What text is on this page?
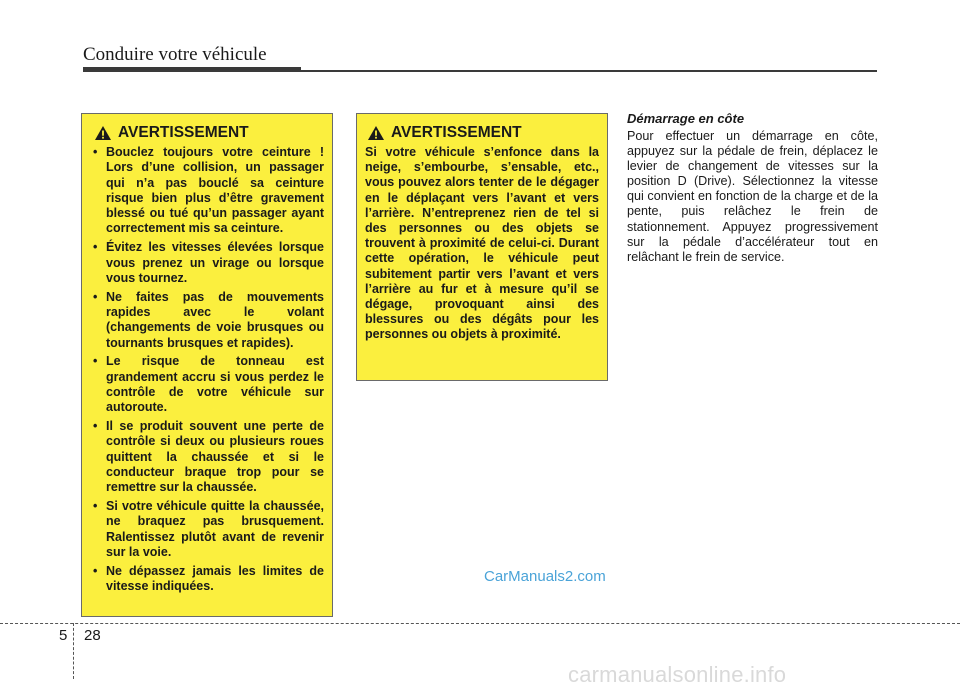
Conduire votre véhicule
AVERTISSEMENT
• Bouclez toujours votre ceinture ! Lors d’une collision, un passager qui n’a pas bouclé sa ceinture risque bien plus d’être gravement blessé ou tué qu’un passager ayant correctement mis sa ceinture.
• Évitez les vitesses élevées lorsque vous prenez un virage ou lorsque vous tournez.
• Ne faites pas de mouvements rapides avec le volant (changements de voie brusques ou tournants brusques et rapides).
• Le risque de tonneau est grandement accru si vous perdez le contrôle de votre véhicule sur autoroute.
• Il se produit souvent une perte de contrôle si deux ou plusieurs roues quittent la chaussée et si le conducteur braque trop pour se remettre sur la chaussée.
• Si votre véhicule quitte la chaussée, ne braquez pas brusquement. Ralentissez plutôt avant de revenir sur la voie.
• Ne dépassez jamais les limites de vitesse indiquées.
AVERTISSEMENT

Si votre véhicule s’enfonce dans la neige, s’embourbe, s’ensable, etc., vous pouvez alors tenter de le dégager en le déplaçant vers l’avant et vers l’arrière. N’entreprenez rien de tel si des personnes ou des objets se trouvent à proximité de celui-ci. Durant cette opération, le véhicule peut subitement partir vers l’avant et vers l’arrière au fur et à mesure qu’il se dégage, provoquant ainsi des blessures ou des dégâts pour les personnes ou objets à proximité.

Démarrage en côte

Pour effectuer un démarrage en côte, appuyez sur la pédale de frein, déplacez le levier de changement de vitesses sur la position D (Drive). Sélectionnez la vitesse qui convient en fonction de la charge et de la pente, puis relâchez le frein de stationnement. Appuyez progressivement sur la pédale d’accélérateur tout en relâchant le frein de service.

CarManuals2.com
5 28
carmanualsonline.info
